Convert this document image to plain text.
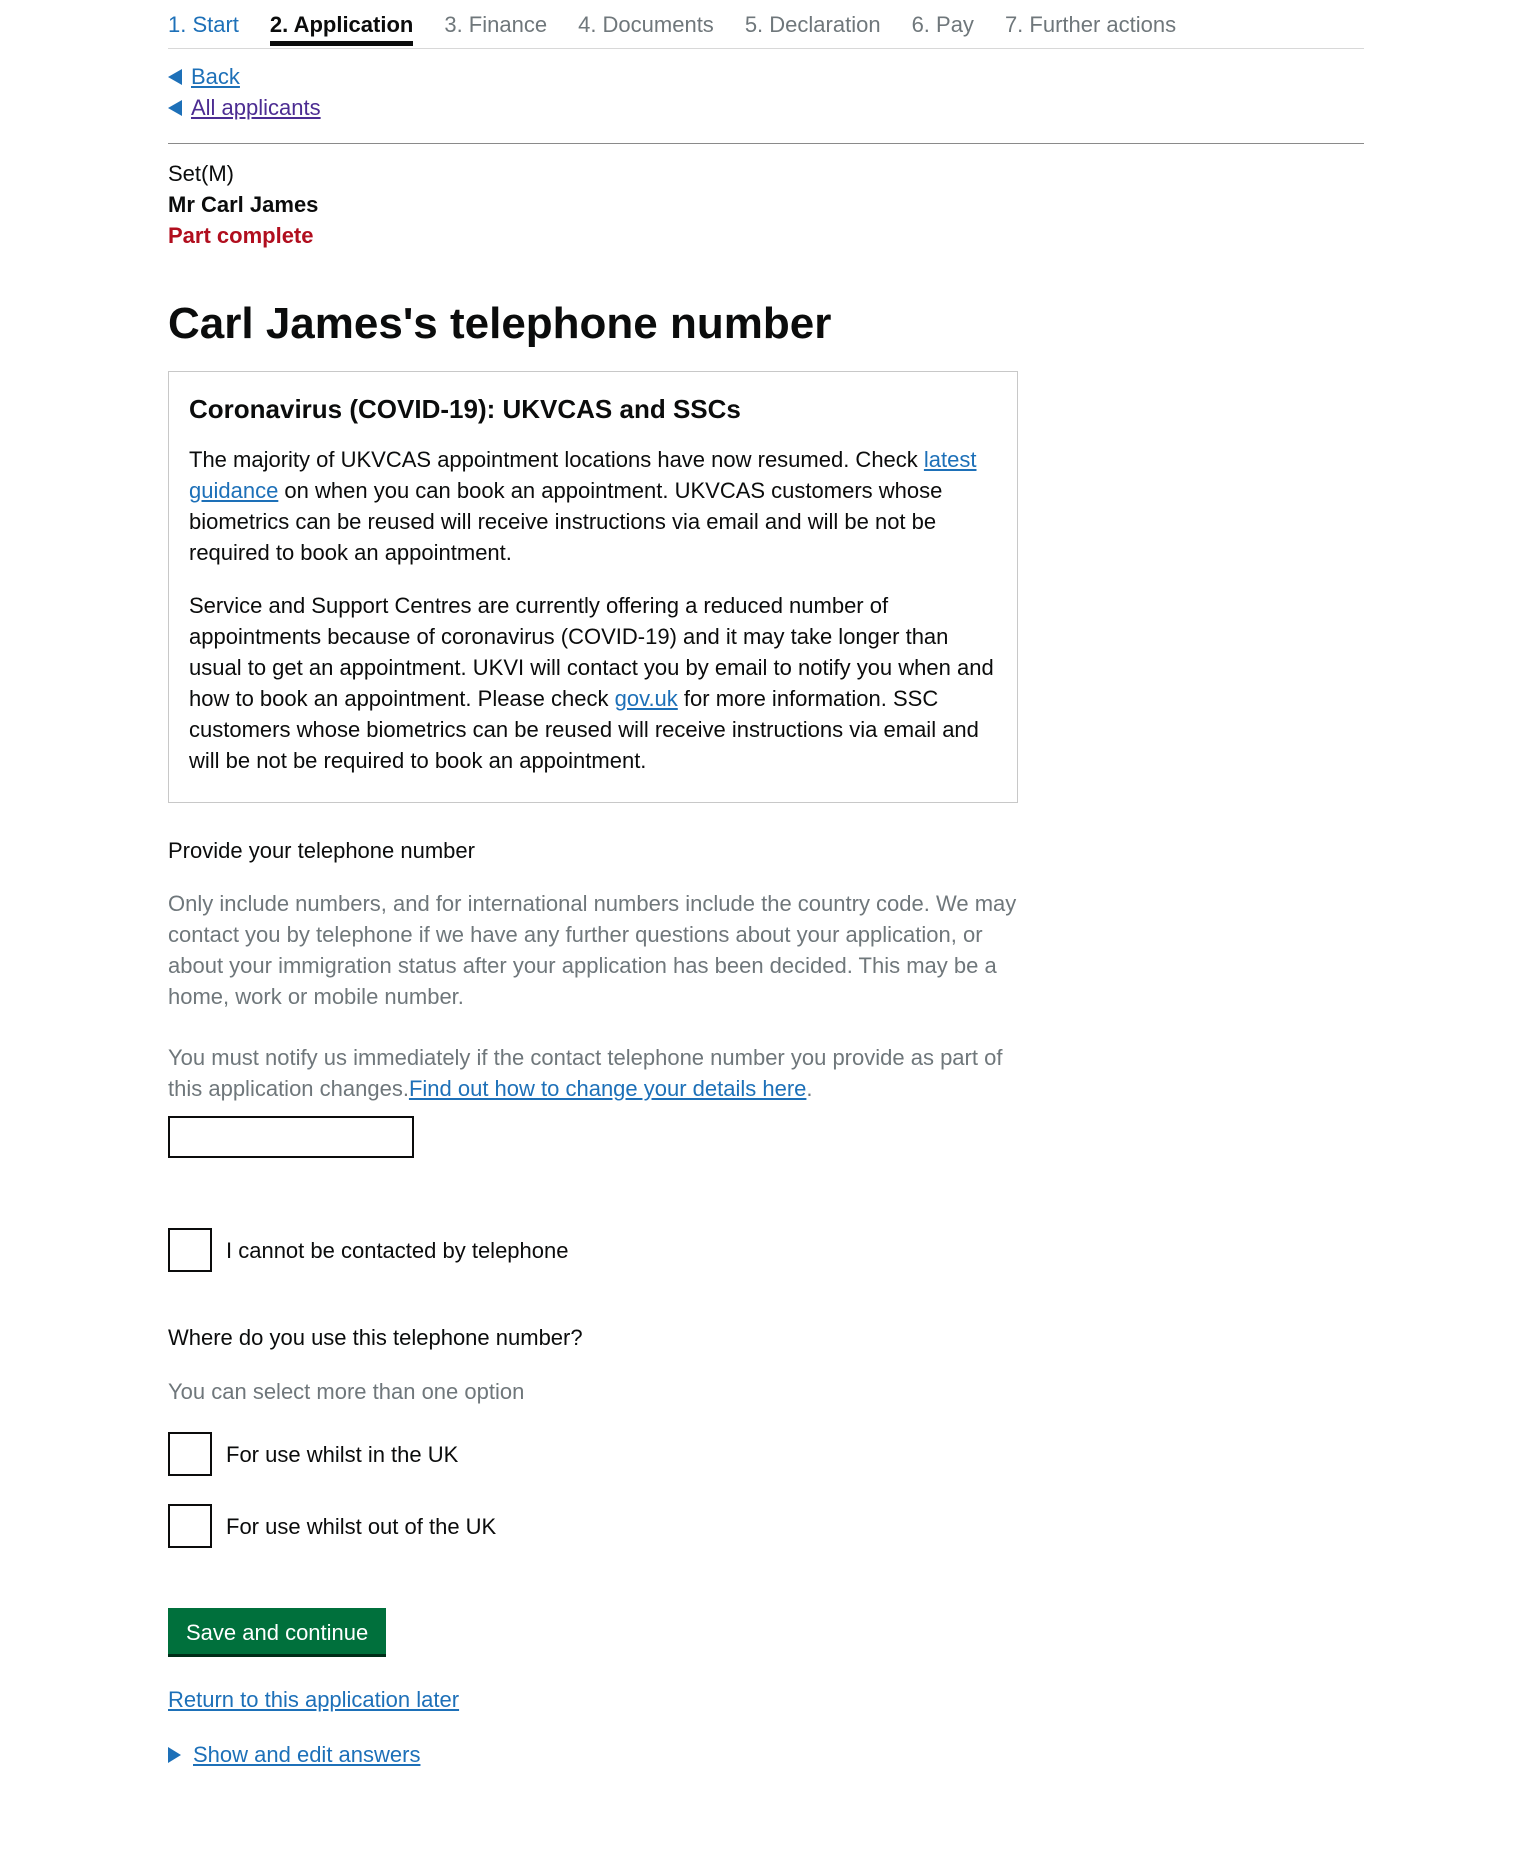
1. Start 2. Application 3. Finance 4. Documents 5. Declaration 6. Pay 7. Further actions
Back
All applicants
Set(M)
Mr Carl James
Part complete
Carl James's telephone number
Coronavirus (COVID-19): UKVCAS and SSCs

The majority of UKVCAS appointment locations have now resumed. Check latest guidance on when you can book an appointment. UKVCAS customers whose biometrics can be reused will receive instructions via email and will be not be required to book an appointment.

Service and Support Centres are currently offering a reduced number of appointments because of coronavirus (COVID-19) and it may take longer than usual to get an appointment. UKVI will contact you by email to notify you when and how to book an appointment. Please check gov.uk for more information. SSC customers whose biometrics can be reused will receive instructions via email and will be not be required to book an appointment.

Provide your telephone number

Only include numbers, and for international numbers include the country code. We may contact you by telephone if we have any further questions about your application, or about your immigration status after your application has been decided. This may be a home, work or mobile number.

You must notify us immediately if the contact telephone number you provide as part of this application changes.Find out how to change your details here.

I cannot be contacted by telephone
Where do you use this telephone number?
You can select more than one option
For use whilst in the UK
For use whilst out of the UK
Save and continue
Return to this application later
Show and edit answers
